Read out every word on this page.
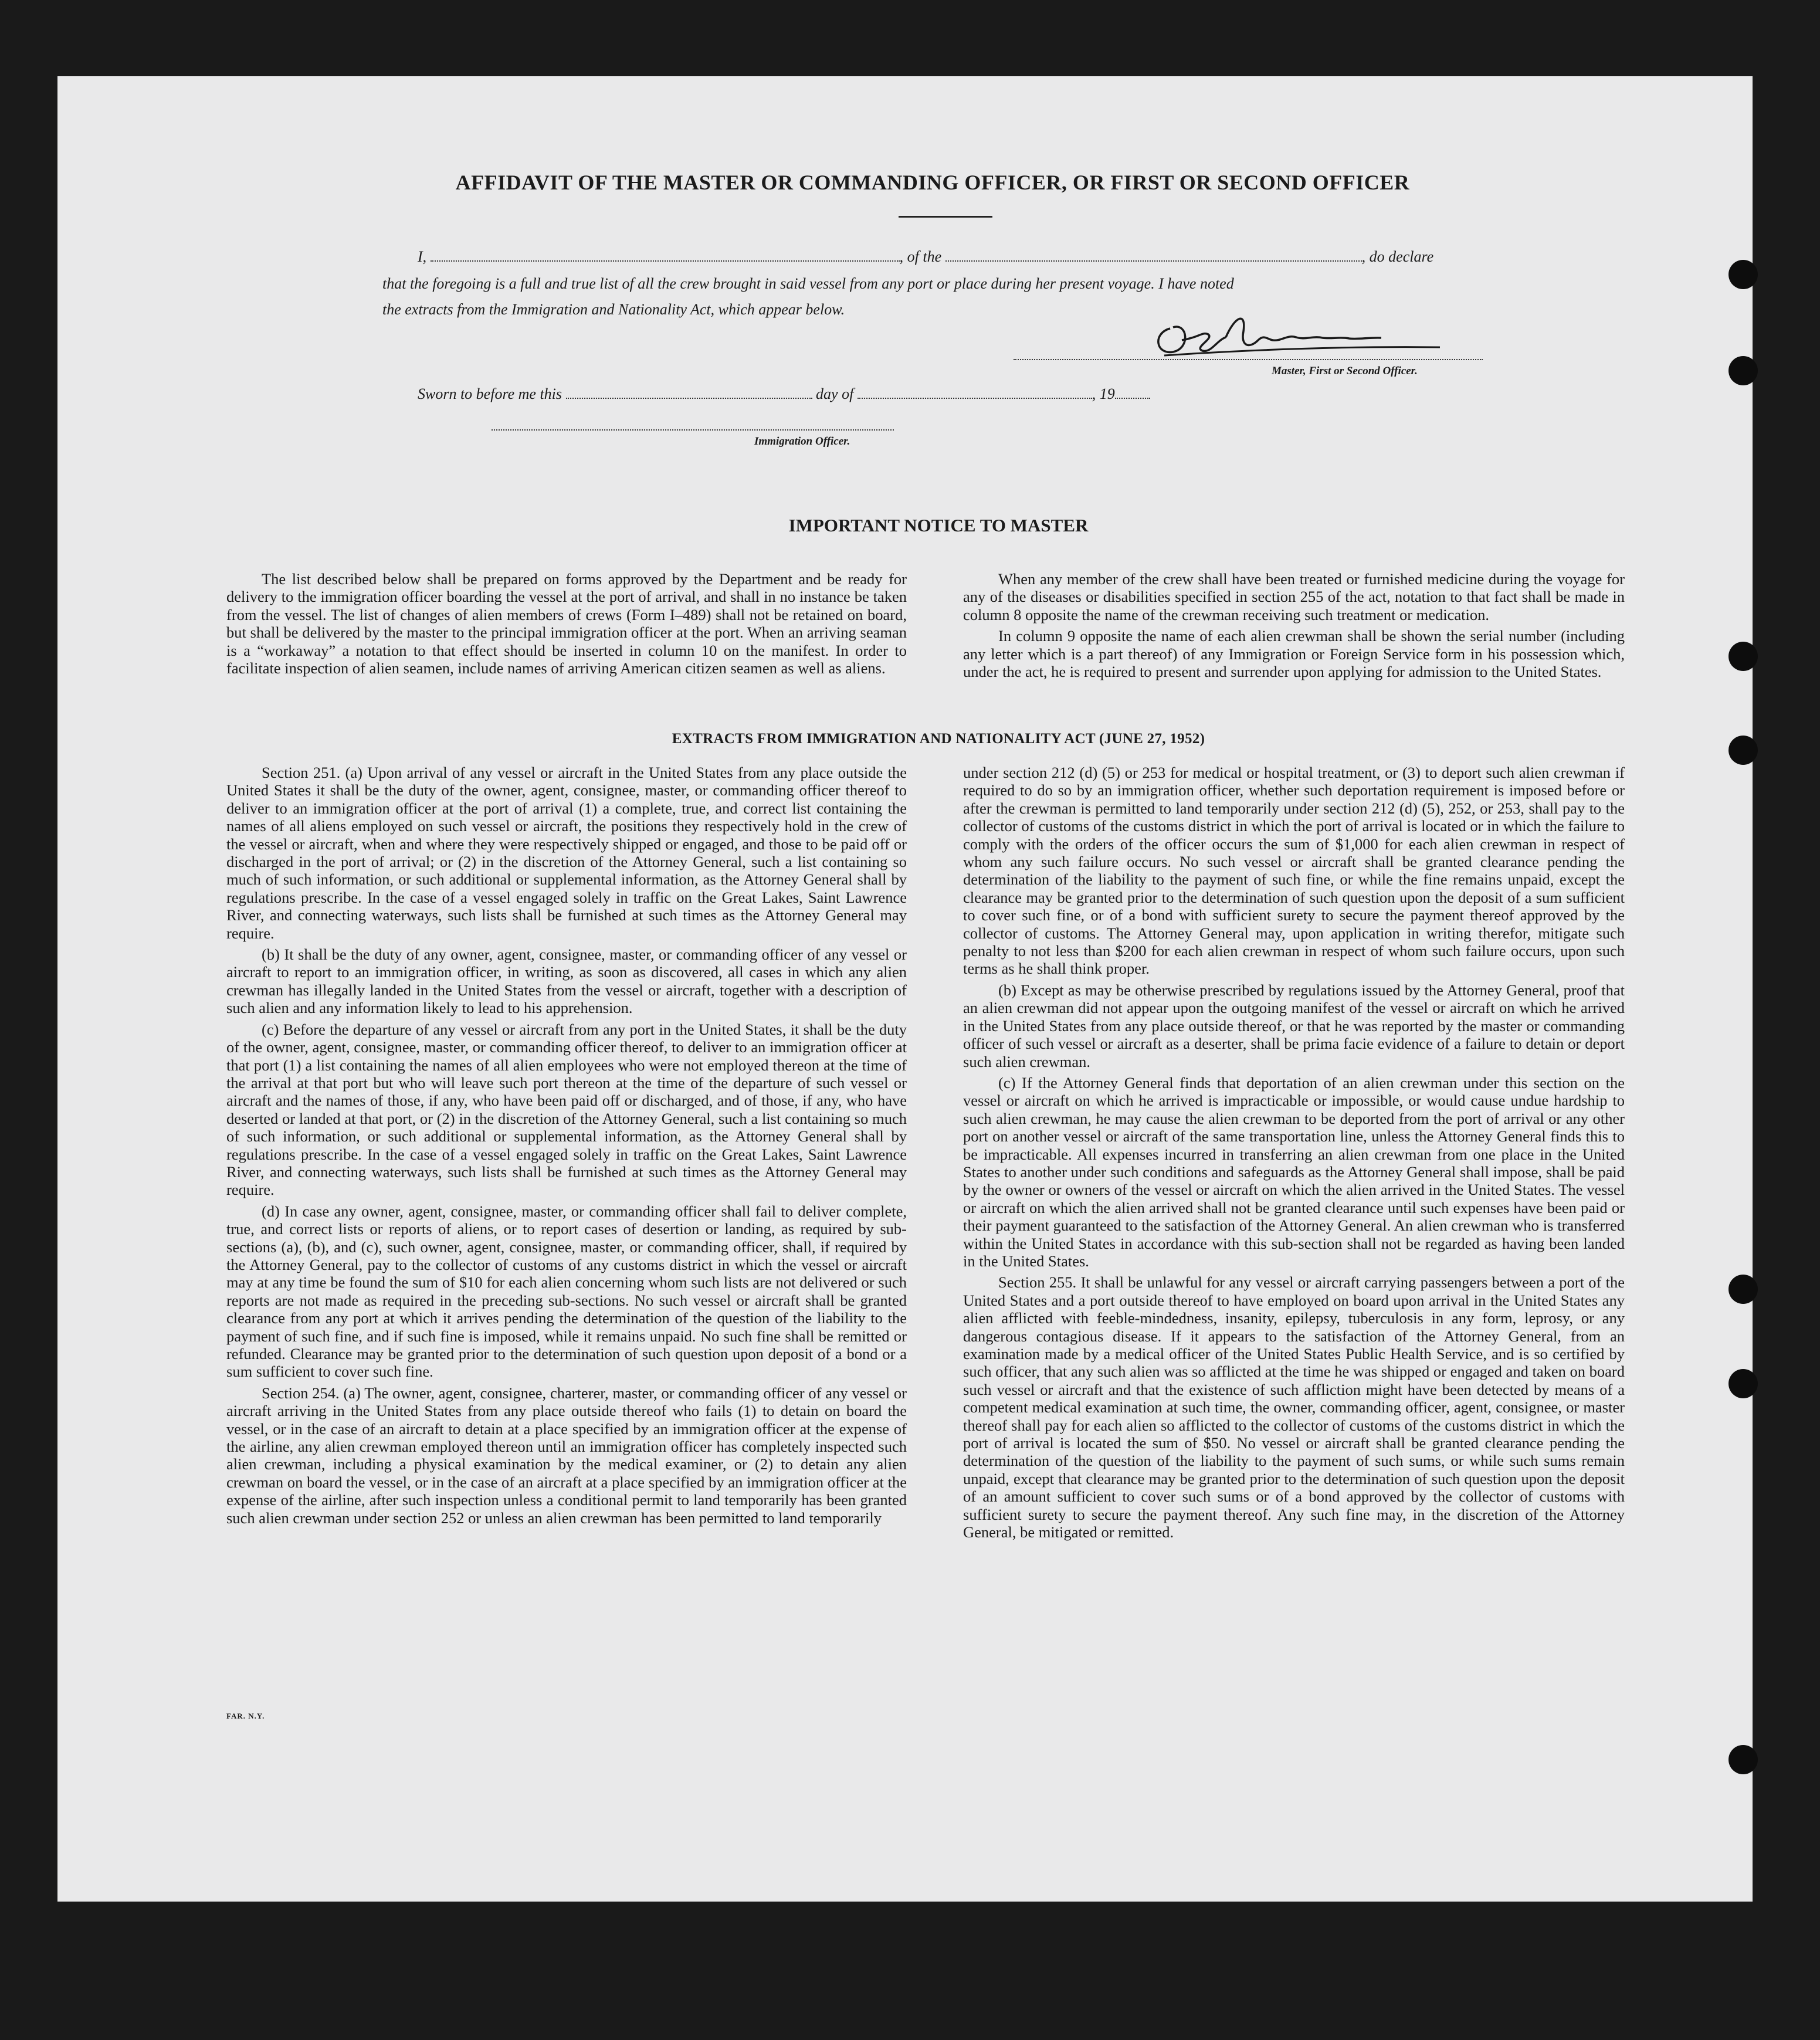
AFFIDAVIT OF THE MASTER OR COMMANDING OFFICER, OR FIRST OR SECOND OFFICER
I,	, of the	, do declare
that the foregoing is a full and true list of all the crew brought in said vessel from any port or place during her present voyage. I have noted
the extracts from the Immigration and Nationality Act, which appear below.
Master, First or Second Officer.
Sworn to before me this	day of	, 19
Immigration Officer.
IMPORTANT NOTICE TO MASTER

The list described below shall be prepared on forms approved by the Department and be ready for delivery to the immigration officer boarding the vessel at the port of arrival, and shall in no instance be taken from the vessel. The list of changes of alien members of crews (Form I–489) shall not be retained on board, but shall be delivered by the master to the principal immigration officer at the port. When an arriving seaman is a “workaway” a notation to that effect should be inserted in column 10 on the manifest. In order to facilitate inspection of alien seamen, include names of arriving American citizen seamen as well as aliens.

When any member of the crew shall have been treated or furnished medicine during the voyage for any of the diseases or disabilities specified in section 255 of the act, notation to that fact shall be made in column 8 opposite the name of the crewman receiving such treatment or medication.

In column 9 opposite the name of each alien crewman shall be shown the serial number (including any letter which is a part thereof) of any Immigration or Foreign Service form in his possession which, under the act, he is required to present and surrender upon applying for admission to the United States.

EXTRACTS FROM IMMIGRATION AND NATIONALITY ACT (JUNE 27, 1952)

Section 251. (a) Upon arrival of any vessel or aircraft in the United States from any place outside the United States it shall be the duty of the owner, agent, consignee, master, or commanding officer thereof to deliver to an immigration officer at the port of arrival (1) a complete, true, and correct list containing the names of all aliens employed on such vessel or aircraft, the positions they respectively hold in the crew of the vessel or aircraft, when and where they were respectively shipped or engaged, and those to be paid off or discharged in the port of arrival; or (2) in the discretion of the Attorney General, such a list containing so much of such information, or such additional or supplemental information, as the Attorney General shall by regulations prescribe. In the case of a vessel engaged solely in traffic on the Great Lakes, Saint Lawrence River, and connecting waterways, such lists shall be furnished at such times as the Attorney General may require.

(b) It shall be the duty of any owner, agent, consignee, master, or commanding officer of any vessel or aircraft to report to an immigration officer, in writing, as soon as discovered, all cases in which any alien crewman has illegally landed in the United States from the vessel or aircraft, together with a description of such alien and any information likely to lead to his apprehension.

(c) Before the departure of any vessel or aircraft from any port in the United States, it shall be the duty of the owner, agent, consignee, master, or commanding officer thereof, to deliver to an immigration officer at that port (1) a list containing the names of all alien employees who were not employed thereon at the time of the arrival at that port but who will leave such port thereon at the time of the departure of such vessel or aircraft and the names of those, if any, who have been paid off or discharged, and of those, if any, who have deserted or landed at that port, or (2) in the discretion of the Attorney General, such a list containing so much of such information, or such additional or supplemental information, as the Attorney General shall by regulations prescribe. In the case of a vessel engaged solely in traffic on the Great Lakes, Saint Lawrence River, and connecting waterways, such lists shall be furnished at such times as the Attorney General may require.

(d) In case any owner, agent, consignee, master, or commanding officer shall fail to deliver complete, true, and correct lists or reports of aliens, or to report cases of desertion or landing, as required by sub-sections (a), (b), and (c), such owner, agent, consignee, master, or commanding officer, shall, if required by the Attorney General, pay to the collector of customs of any customs district in which the vessel or aircraft may at any time be found the sum of $10 for each alien concerning whom such lists are not delivered or such reports are not made as required in the preceding sub-sections. No such vessel or aircraft shall be granted clearance from any port at which it arrives pending the determination of the question of the liability to the payment of such fine, and if such fine is imposed, while it remains unpaid. No such fine shall be remitted or refunded. Clearance may be granted prior to the determination of such question upon deposit of a bond or a sum sufficient to cover such fine.

Section 254. (a) The owner, agent, consignee, charterer, master, or commanding officer of any vessel or aircraft arriving in the United States from any place outside thereof who fails (1) to detain on board the vessel, or in the case of an aircraft to detain at a place specified by an immigration officer at the expense of the airline, any alien crewman employed thereon until an immigration officer has completely inspected such alien crewman, including a physical examination by the medical examiner, or (2) to detain any alien crewman on board the vessel, or in the case of an aircraft at a place specified by an immigration officer at the expense of the airline, after such inspection unless a conditional permit to land temporarily has been granted such alien crewman under section 252 or unless an alien crewman has been permitted to land temporarily

under section 212 (d) (5) or 253 for medical or hospital treatment, or (3) to deport such alien crewman if required to do so by an immigration officer, whether such deportation requirement is imposed before or after the crewman is permitted to land temporarily under section 212 (d) (5), 252, or 253, shall pay to the collector of customs of the customs district in which the port of arrival is located or in which the failure to comply with the orders of the officer occurs the sum of $1,000 for each alien crewman in respect of whom any such failure occurs. No such vessel or aircraft shall be granted clearance pending the determination of the liability to the payment of such fine, or while the fine remains unpaid, except the clearance may be granted prior to the determination of such question upon the deposit of a sum sufficient to cover such fine, or of a bond with sufficient surety to secure the payment thereof approved by the collector of customs. The Attorney General may, upon application in writing therefor, mitigate such penalty to not less than $200 for each alien crewman in respect of whom such failure occurs, upon such terms as he shall think proper.

(b) Except as may be otherwise prescribed by regulations issued by the Attorney General, proof that an alien crewman did not appear upon the outgoing manifest of the vessel or aircraft on which he arrived in the United States from any place outside thereof, or that he was reported by the master or commanding officer of such vessel or aircraft as a deserter, shall be prima facie evidence of a failure to detain or deport such alien crewman.

(c) If the Attorney General finds that deportation of an alien crewman under this section on the vessel or aircraft on which he arrived is impracticable or impossible, or would cause undue hardship to such alien crewman, he may cause the alien crewman to be deported from the port of arrival or any other port on another vessel or aircraft of the same transportation line, unless the Attorney General finds this to be impracticable. All expenses incurred in transferring an alien crewman from one place in the United States to another under such conditions and safeguards as the Attorney General shall impose, shall be paid by the owner or owners of the vessel or aircraft on which the alien arrived in the United States. The vessel or aircraft on which the alien arrived shall not be granted clearance until such expenses have been paid or their payment guaranteed to the satisfaction of the Attorney General. An alien crewman who is transferred within the United States in accordance with this sub-section shall not be regarded as having been landed in the United States.

Section 255. It shall be unlawful for any vessel or aircraft carrying passengers between a port of the United States and a port outside thereof to have employed on board upon arrival in the United States any alien afflicted with feeble-mindedness, insanity, epilepsy, tuberculosis in any form, leprosy, or any dangerous contagious disease. If it appears to the satisfaction of the Attorney General, from an examination made by a medical officer of the United States Public Health Service, and is so certified by such officer, that any such alien was so afflicted at the time he was shipped or engaged and taken on board such vessel or aircraft and that the existence of such affliction might have been detected by means of a competent medical examination at such time, the owner, commanding officer, agent, consignee, or master thereof shall pay for each alien so afflicted to the collector of customs of the customs district in which the port of arrival is located the sum of $50. No vessel or aircraft shall be granted clearance pending the determination of the question of the liability to the payment of such sums, or while such sums remain unpaid, except that clearance may be granted prior to the determination of such question upon the deposit of an amount sufficient to cover such sums or of a bond approved by the collector of customs with sufficient surety to secure the payment thereof. Any such fine may, in the discretion of the Attorney General, be mitigated or remitted.

FAR. N.Y.
